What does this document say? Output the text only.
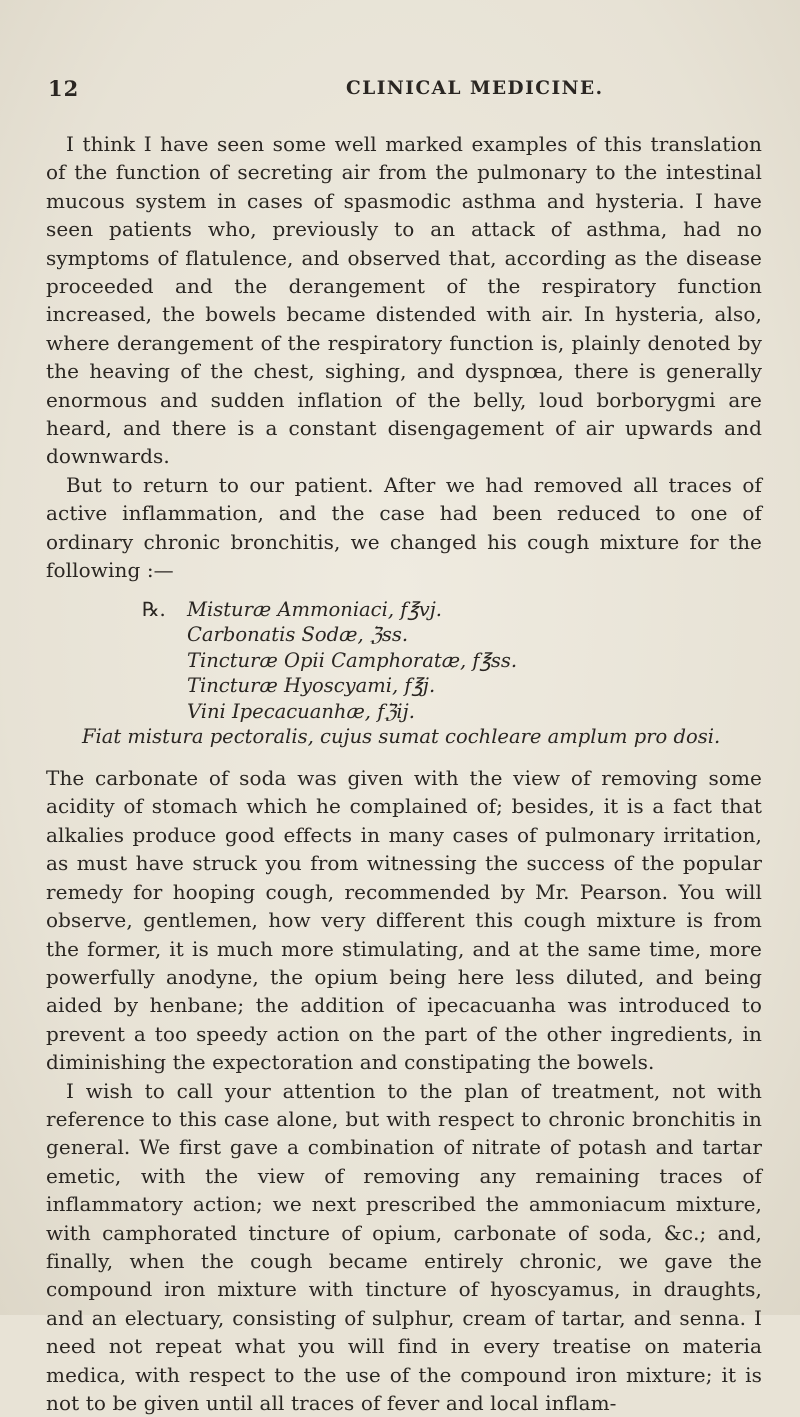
12	CLINICAL MEDICINE.

I think I have seen some well marked examples of this translation of the function of secreting air from the pulmonary to the intestinal mucous system in cases of spasmodic asthma and hysteria. I have seen patients who, previously to an attack of asthma, had no symptoms of flatulence, and observed that, according as the disease proceeded and the derangement of the respiratory function increased, the bowels became distended with air. In hysteria, also, where derangement of the respiratory function is, plainly denoted by the heaving of the chest, sighing, and dyspnœa, there is generally enormous and sudden inflation of the belly, loud borborygmi are heard, and there is a constant disengagement of air upwards and downwards.

But to return to our patient. After we had removed all traces of active inflammation, and the case had been reduced to one of ordinary chronic bronchitis, we changed his cough mixture for the following :—

℞. Misturæ Ammoniaci, f℥vj.
Carbonatis Sodæ, ℨss.
Tincturæ Opii Camphoratæ, f℥ss.
Tincturæ Hyoscyami, f℥j.
Vini Ipecacuanhæ, fℨij.
Fiat mistura pectoralis, cujus sumat cochleare amplum pro dosi.

The carbonate of soda was given with the view of removing some acidity of stomach which he complained of; besides, it is a fact that alkalies produce good effects in many cases of pulmonary irritation, as must have struck you from witnessing the success of the popular remedy for hooping cough, recommended by Mr. Pearson. You will observe, gentlemen, how very different this cough mixture is from the former, it is much more stimulating, and at the same time, more powerfully anodyne, the opium being here less diluted, and being aided by henbane; the addition of ipecacuanha was introduced to prevent a too speedy action on the part of the other ingredients, in diminishing the expectoration and constipating the bowels.

I wish to call your attention to the plan of treatment, not with reference to this case alone, but with respect to chronic bronchitis in general. We first gave a combination of nitrate of potash and tartar emetic, with the view of removing any remaining traces of inflammatory action; we next prescribed the ammoniacum mixture, with camphorated tincture of opium, carbonate of soda, &c.; and, finally, when the cough became entirely chronic, we gave the compound iron mixture with tincture of hyoscyamus, in draughts, and an electuary, consisting of sulphur, cream of tartar, and senna. I need not repeat what you will find in every treatise on materia medica, with respect to the use of the compound iron mixture; it is not to be given until all traces of fever and local inflam-
